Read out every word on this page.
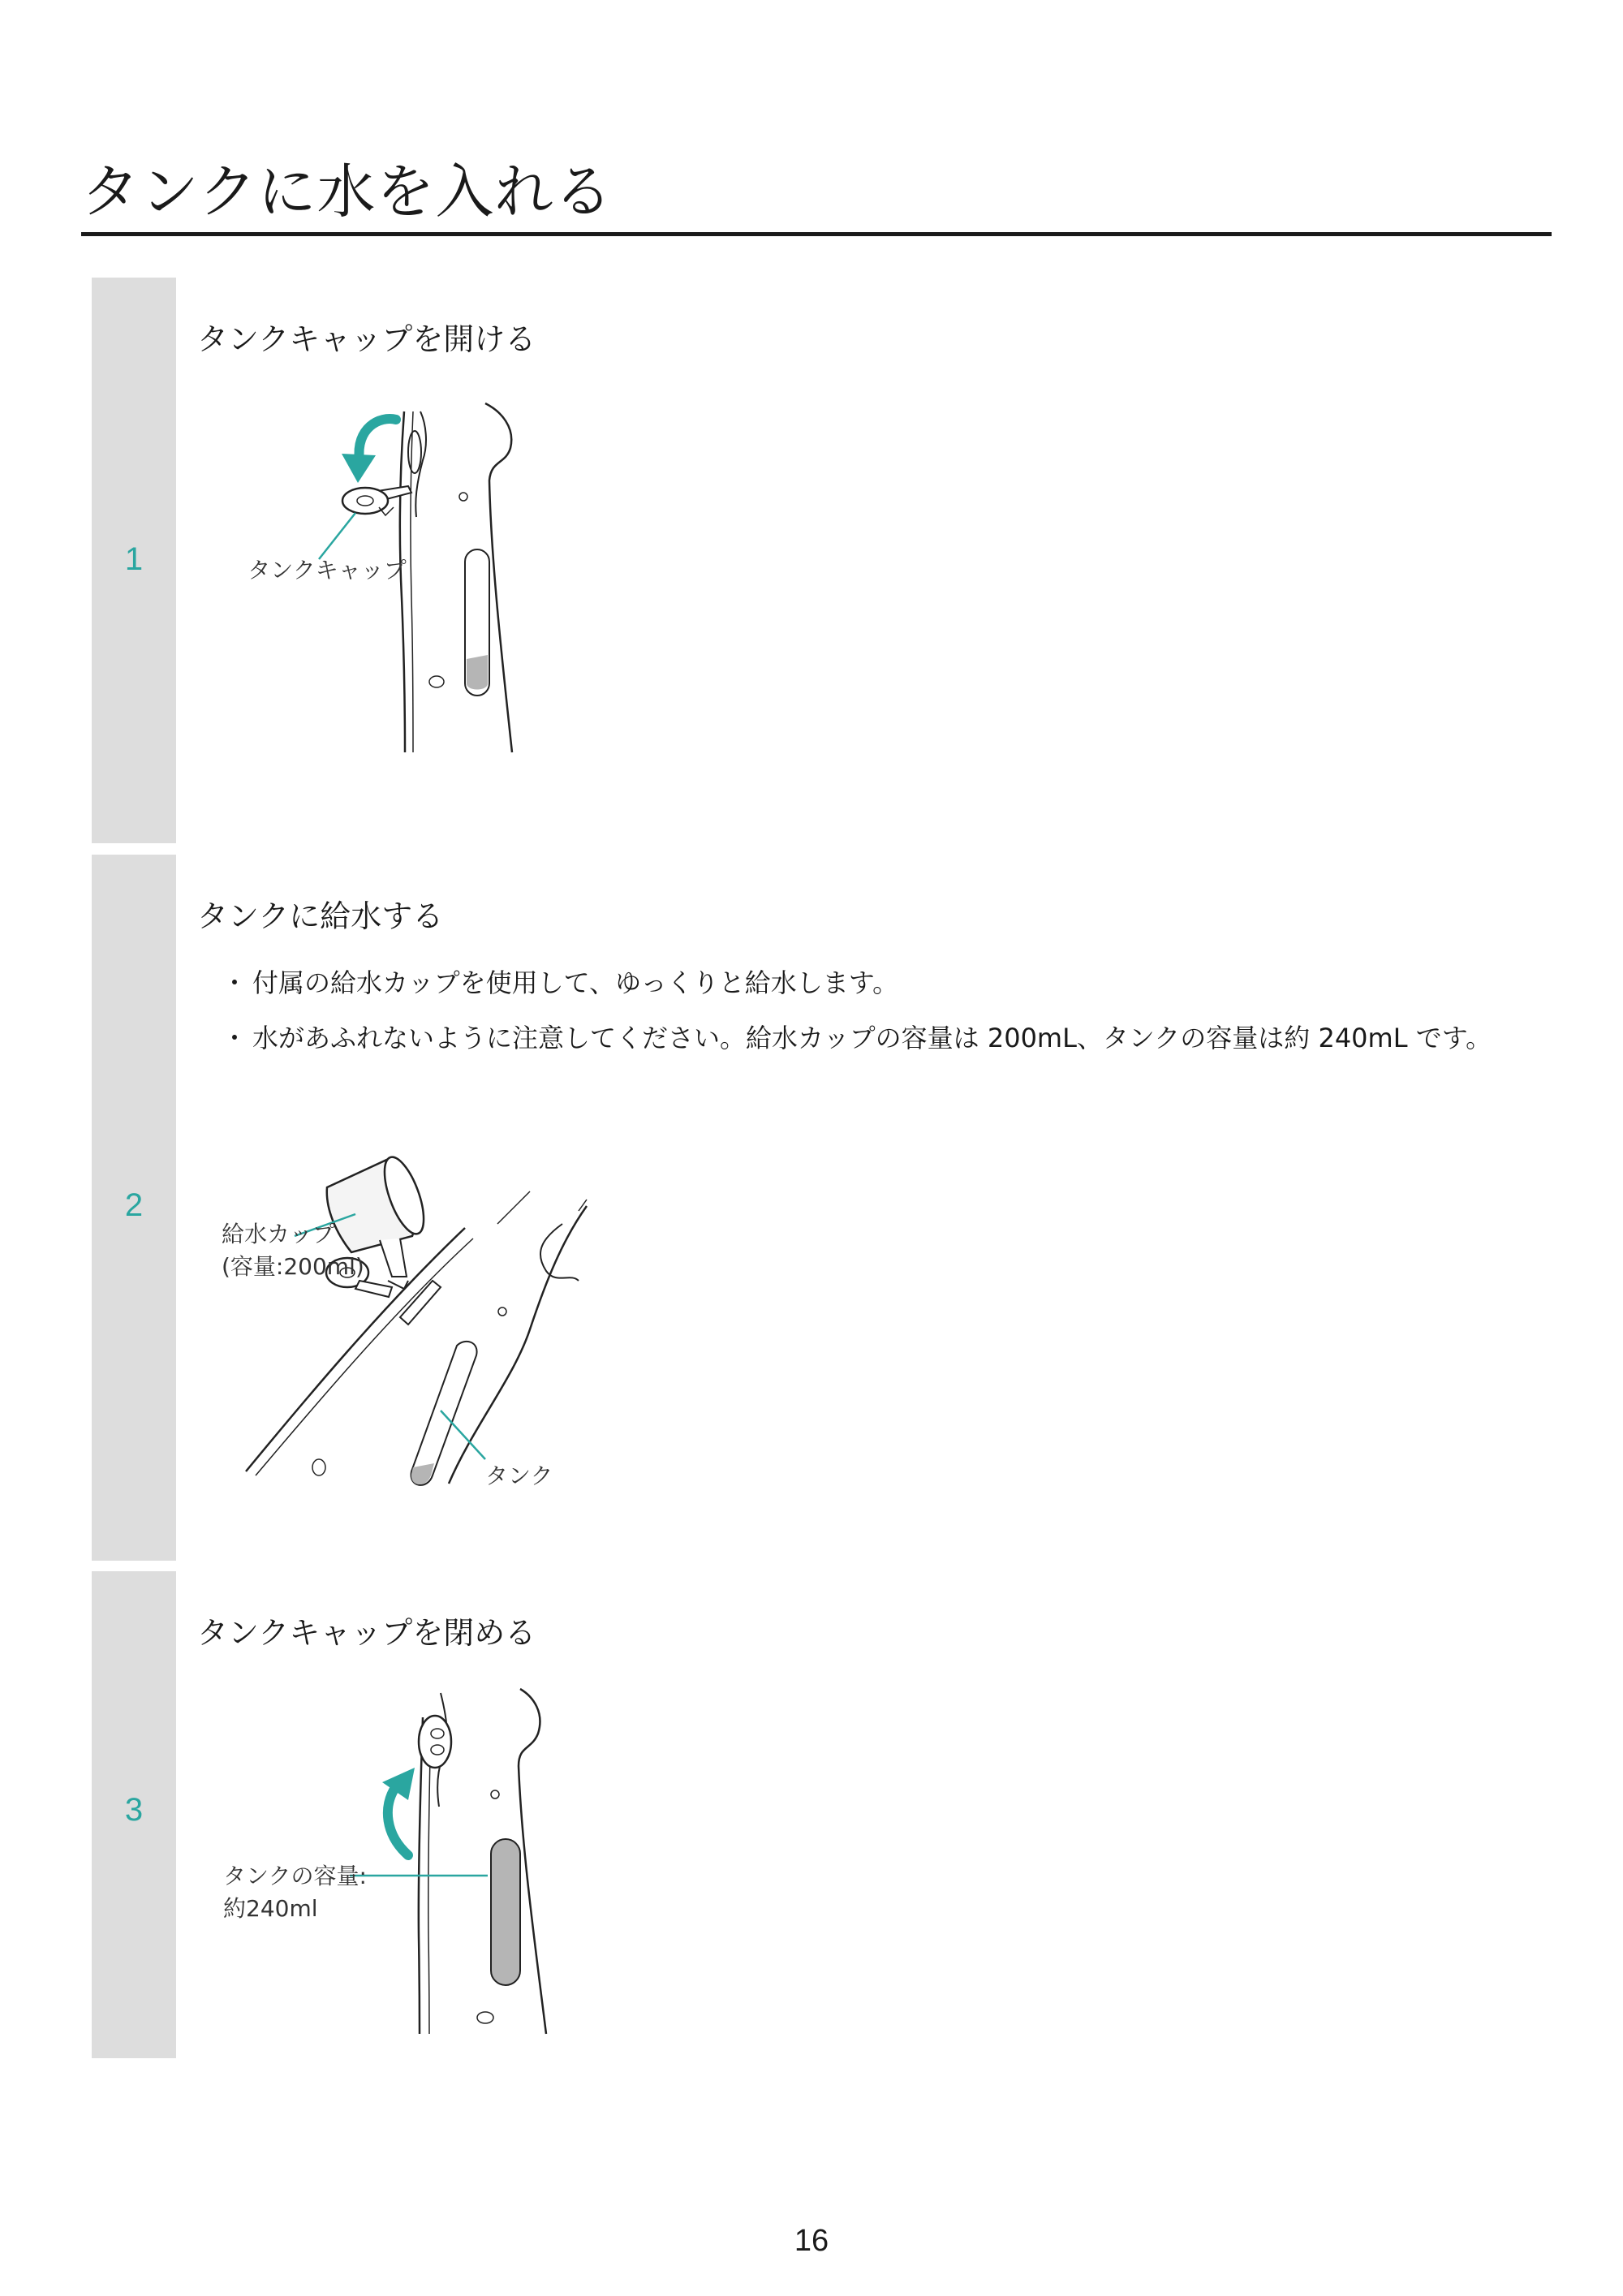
タンクに水を入れる
1
タンクキャップを開ける
タンクキャップ
2
タンクに給水する
・ 付属の給水カップを使用して、ゆっくりと給水します。
・ 水があふれないように注意してください。給水カップの容量は 200mL、タンクの容量は約 240mL です。
給水カップ
(容量:200ml)
タンク
3
タンクキャップを閉める
タンクの容量:
約240ml
16
